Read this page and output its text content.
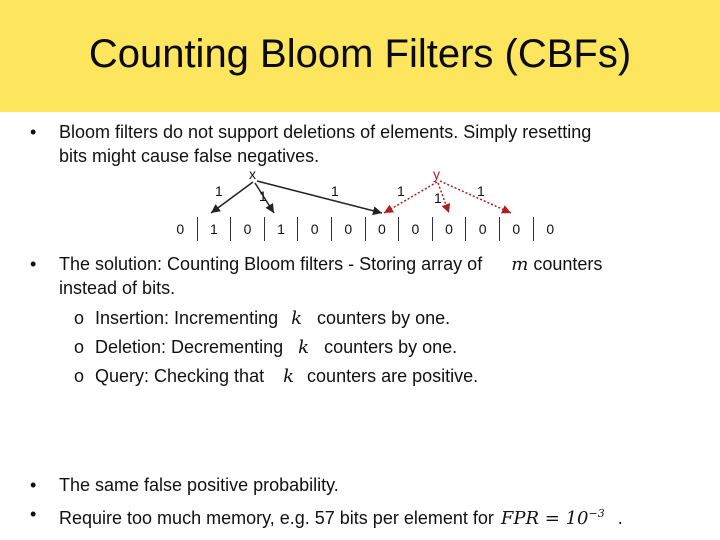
Counting Bloom Filters (CBFs)
• Bloom filters do not support deletions of elements. Simply resetting
bits might cause false negatives.
x	y
1	1	1	1 1	1
0	1	0	1	0	0	0	0	0	0	0	0
• The solution: Counting Bloom filters - Storing array of m counters
instead of bits.
o Insertion: Incrementing k counters by one.
o Deletion: Decrementing k counters by one.
o Query: Checking that k counters are positive.
• The same false positive probability.
• Require too much memory, e.g. 57 bits per element for FPR = $10^{-3}$ .
